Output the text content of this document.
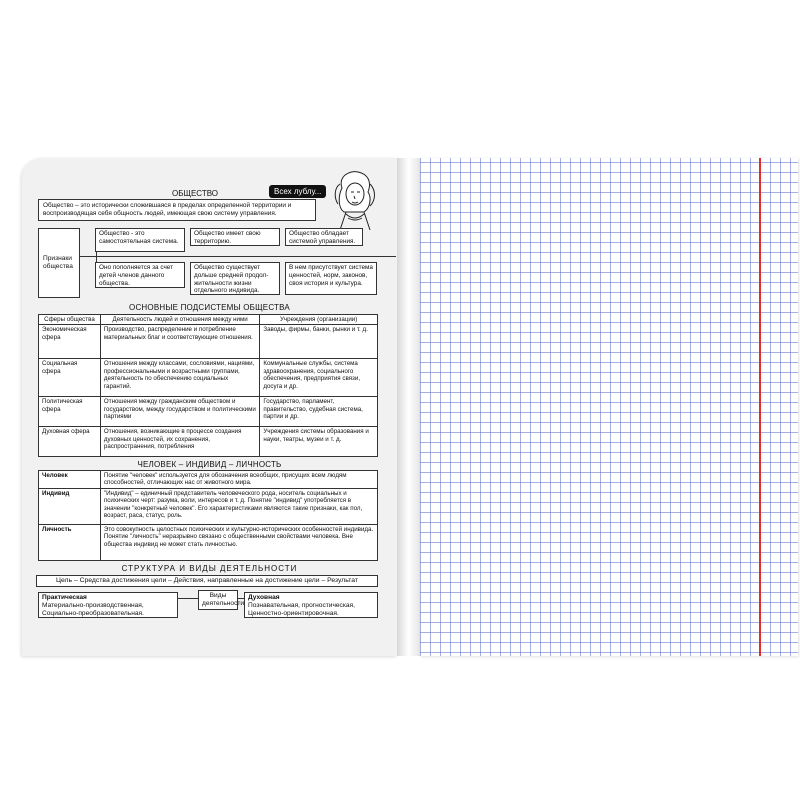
ОБЩЕСТВО	Всех лублу...
Общество – это исторически сложившаяся в пределах определенной территории и воспроизводящая себя общность людей, имеющая свою систему управления.
Признаки общества
Общество - это самостоятельная система.
Общество имеет свою территорию.
Общество обладает системой управления.
Оно пополняется за счет детей членов данного общества.
Общество существует дольше средней продол-жительности жизни отдельного индивида.
В нем присутствует система ценностей, норм, законов, своя история и культура.
ОСНОВНЫЕ ПОДСИСТЕМЫ ОБЩЕСТВА
Сферы общества	Деятельность людей и отношения между ними	Учреждения (организации)
Экономическая сфера	Производство, распределение и потребление материальных благ и соответствующие отношения.	Заводы, фирмы, банки, рынки и т. д.
Социальная сфера	Отношения между классами, сословиями, нациями, профессиональными и возрастными группами, деятельность по обеспечению социальных гарантий.	Коммунальные службы, система здравоохранения, социального обеспечения, предприятия связи, досуга и др.
Политическая сфера	Отношения между гражданским обществом и государством, между государством и политическими партиями	Государство, парламент, правительство, судебная система, партии и др.
Духовная сфера	Отношения, возникающие в процессе создания духовных ценностей, их сохранения, распространения, потребления	Учреждения системы образования и науки, театры, музеи и т. д.
ЧЕЛОВЕК – ИНДИВИД – ЛИЧНОСТЬ
Человек	Понятие "человек" используется для обозначения всеобщих, присущих всем людям способностей, отличающих нас от животного мира.
Индивид	"Индивид" – единичный представитель человеческого рода, носитель социальных и психических черт: разума, воли, интересов и т. д. Понятие "индивид" употребляется в значении "конкретный человек". Его характеристиками являются такие признаки, как пол, возраст, раса, статус, роль.
Личность	Это совокупность целостных психических и культурно-исторических особенностей индивида. Понятие "личность" неразрывно связано с общественными свойствами человека. Вне общества индивид не может стать личностью.
СТРУКТУРА И ВИДЫ ДЕЯТЕЛЬНОСТИ
Цель – Средства достижения цели – Действия, направленные на достижение цели – Результат
Практическая
Материально-производственная, Социально-преобразовательная.
Виды деятельности
Духовная
Познавательная, прогностическая, Ценностно-ориентировочная.
